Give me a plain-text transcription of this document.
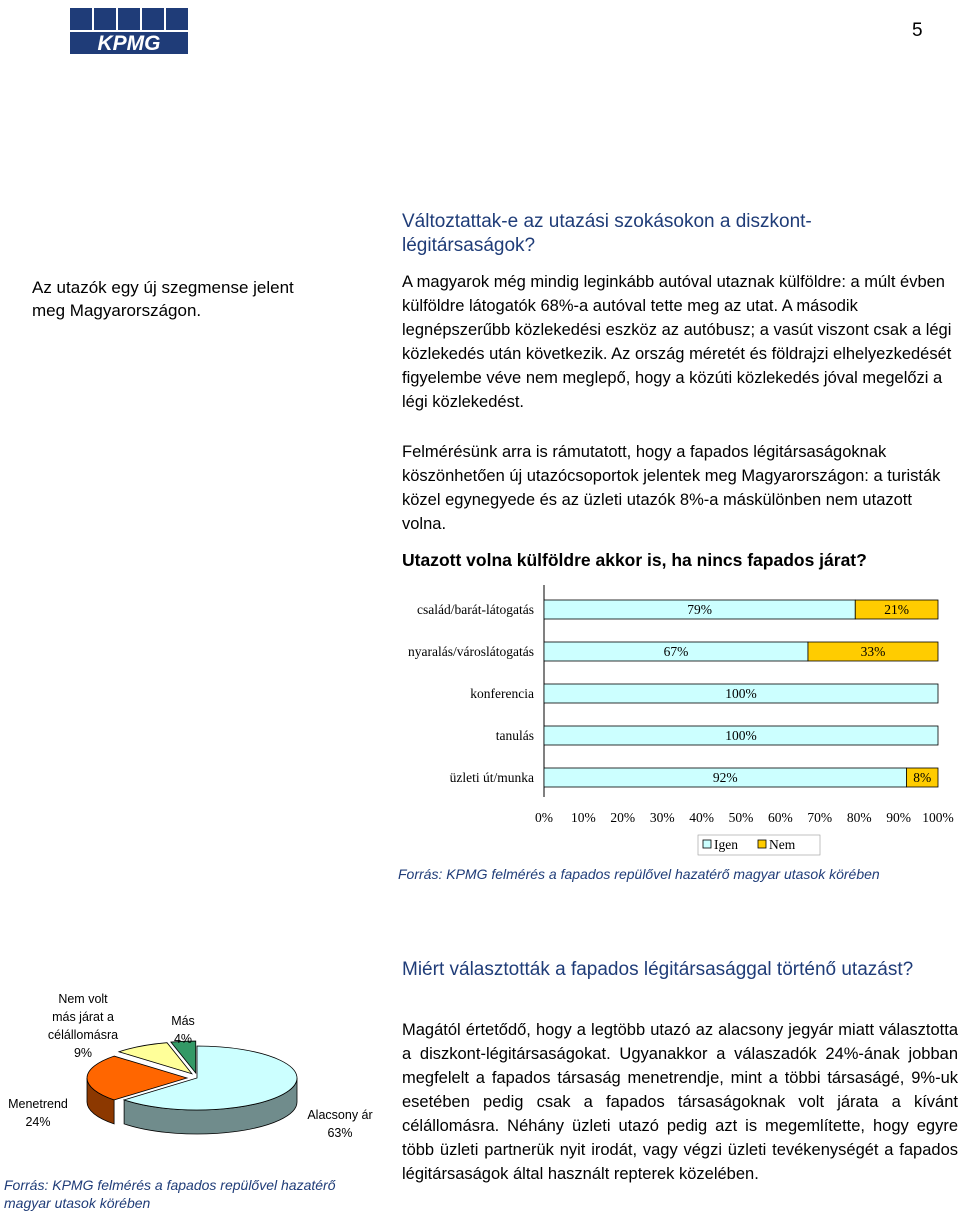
KPMG
5
Az utazók egy új szegmense jelent meg Magyarországon.
Változtattak-e az utazási szokásokon a diszkont-légitársaságok?
A magyarok még mindig leginkább autóval utaznak külföldre: a múlt évben külföldre látogatók 68%-a autóval tette meg az utat. A második legnépszerűbb közlekedési eszköz az autóbusz; a vasút viszont csak a légi közlekedés után következik. Az ország méretét és földrajzi elhelyezkedését figyelembe véve nem meglepő, hogy a közúti közlekedés jóval megelőzi a légi közlekedést.
Felmérésünk arra is rámutatott, hogy a fapados légitársaságoknak köszönhetően új utazócsoportok jelentek meg Magyarországon: a turisták közel egynegyede és az üzleti utazók 8%-a máskülönben nem utazott volna.
Utazott volna külföldre akkor is, ha nincs fapados járat?
család/barát-látogatás	79%	21%
nyaralás/városlátogatás	67%	33%
konferencia	100%
tanulás	100%
üzleti út/munka	92%	8%
0% 10% 20% 30% 40% 50% 60% 70% 80% 90% 100%
Igen Nem
Forrás: KPMG felmérés a fapados repülővel hazatérő magyar utasok körében
Miért választották a fapados légitársasággal történő utazást?
Magától értetődő, hogy a legtöbb utazó az alacsony jegyár miatt választotta a diszkont-légitársaságokat. Ugyanakkor a válaszadók 24%-ának jobban megfelelt a fapados társaság menetrendje, mint a többi társaságé, 9%-uk esetében pedig csak a fapados társaságoknak volt járata a kívánt célállomásra. Néhány üzleti utazó pedig azt is megemlítette, hogy egyre több üzleti partnerük nyit irodát, vagy végzi üzleti tevékenységét a fapados légitársaságok által használt repterek közelében.
Alacsony ár 63%
Menetrend 24%
Nem volt más járat a célállomásra 9%
Más 4%
Forrás: KPMG felmérés a fapados repülővel hazatérő magyar utasok körében
